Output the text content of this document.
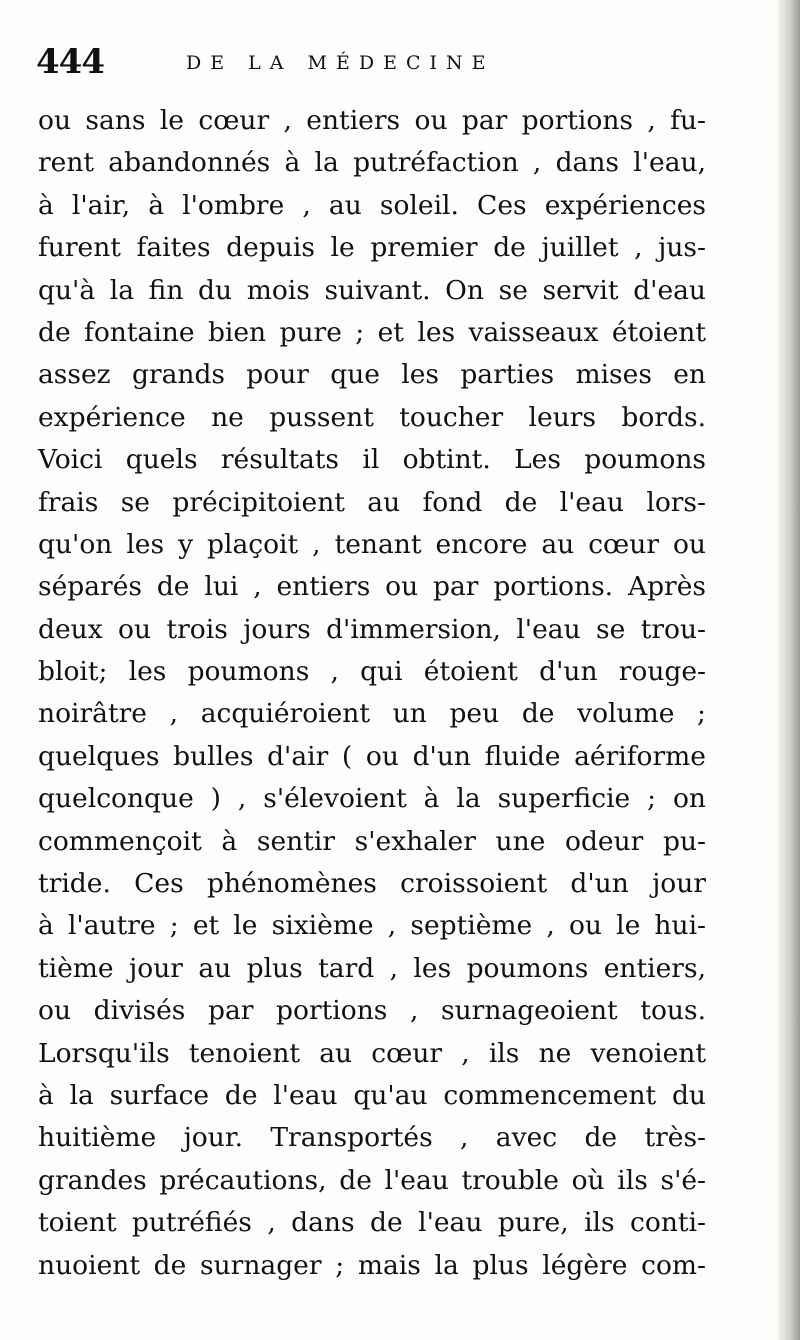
444	DE LA MÉDECINE
ou sans le cœur , entiers ou par portions , fu-
rent abandonnés à la putréfaction , dans l'eau,
à l'air, à l'ombre , au soleil. Ces expériences
furent faites depuis le premier de juillet , jus-
qu'à la fin du mois suivant. On se servit d'eau
de fontaine bien pure ; et les vaisseaux étoient
assez grands pour que les parties mises en
expérience ne pussent toucher leurs bords.
Voici quels résultats il obtint. Les poumons
frais se précipitoient au fond de l'eau lors-
qu'on les y plaçoit , tenant encore au cœur ou
séparés de lui , entiers ou par portions. Après
deux ou trois jours d'immersion, l'eau se trou-
bloit; les poumons , qui étoient d'un rouge-
noirâtre , acquiéroient un peu de volume ;
quelques bulles d'air ( ou d'un fluide aériforme
quelconque ) , s'élevoient à la superficie ; on
commençoit à sentir s'exhaler une odeur pu-
tride. Ces phénomènes croissoient d'un jour
à l'autre ; et le sixième , septième , ou le hui-
tième jour au plus tard , les poumons entiers,
ou divisés par portions , surnageoient tous.
Lorsqu'ils tenoient au cœur , ils ne venoient
à la surface de l'eau qu'au commencement du
huitième jour. Transportés , avec de très-
grandes précautions, de l'eau trouble où ils s'é-
toient putréfiés , dans de l'eau pure, ils conti-
nuoient de surnager ; mais la plus légère com-
